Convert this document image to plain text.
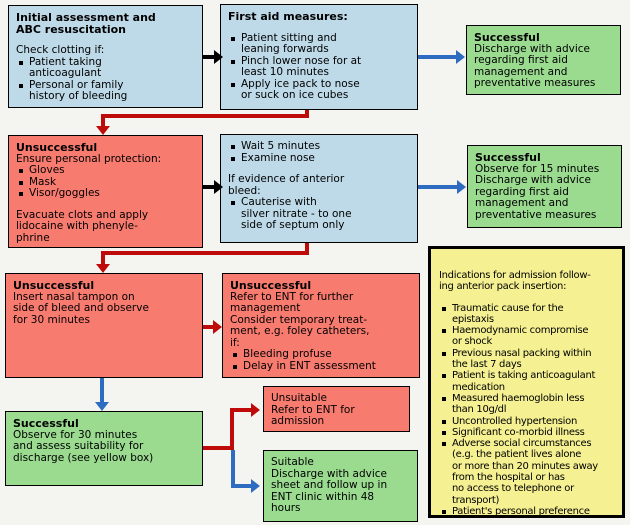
Initial assessment and
ABC resuscitation
Check clotting if:
Patient taking
anticoagulant
Personal or family
history of bleeding
First aid measures:
Patient sitting and
leaning forwards
Pinch lower nose for at
least 10 minutes
Apply ice pack to nose
or suck on ice cubes
Successful
Discharge with advice
regarding first aid
management and
preventative measures
Unsuccessful
Ensure personal protection:
Gloves
Mask
Visor/goggles
Evacuate clots and apply
lidocaine with phenyle-
phrine
Wait 5 minutes
Examine nose
If evidence of anterior
bleed:
Cauterise with
silver nitrate - to one
side of septum only
Successful
Observe for 15 minutes
Discharge with advice
regarding first aid
management and
preventative measures
Unsuccessful
Insert nasal tampon on
side of bleed and observe
for 30 minutes
Unsuccessful
Refer to ENT for further
management
Consider temporary treat-
ment, e.g. foley catheters,
if:
Bleeding profuse
Delay in ENT assessment
Successful
Observe for 30 minutes
and assess suitability for
discharge (see yellow box)
Unsuitable
Refer to ENT for
admission
Suitable
Discharge with advice
sheet and follow up in
ENT clinic within 48
hours
Indications for admission follow-
ing anterior pack insertion:
Traumatic cause for the
epistaxis
Haemodynamic compromise
or shock
Previous nasal packing within
the last 7 days
Patient is taking anticoagulant
medication
Measured haemoglobin less
than 10g/dl
Uncontrolled hypertension
Significant co-morbid illness
Adverse social circumstances
(e.g. the patient lives alone
or more than 20 minutes away
from the hospital or has
no access to telephone or
transport)
Patient's personal preference
